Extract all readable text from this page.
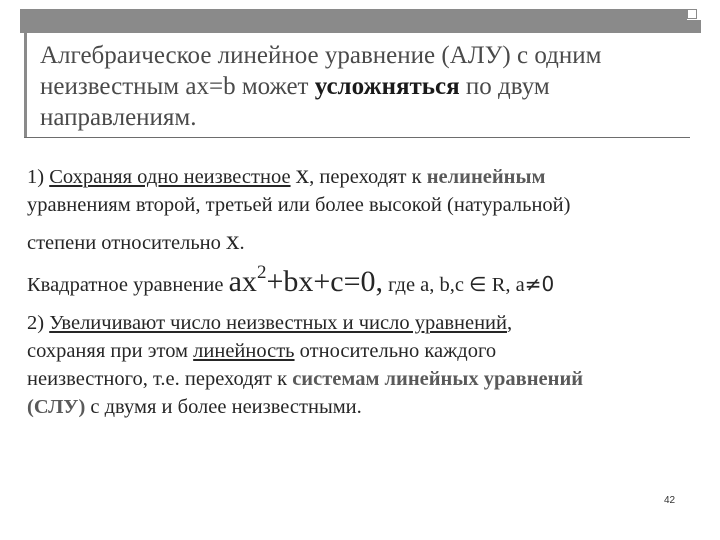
Алгебраическое линейное уравнение (АЛУ) с одним
неизвестным ax=b может усложняться по двум
направлениям.
1) Сохраняя одно неизвестное x, переходят к нелинейным
уравнениям второй, третьей или более высокой (натуральной)
степени относительно x.
Квадратное уравнение $ax^2+bx+c=0$, где a, b,c ∈ R, a≠0
2) Увеличивают число неизвестных и число уравнений,
сохраняя при этом линейность относительно каждого
неизвестного, т.е. переходят к системам линейных уравнений
(СЛУ) с двумя и более неизвестными.
42
